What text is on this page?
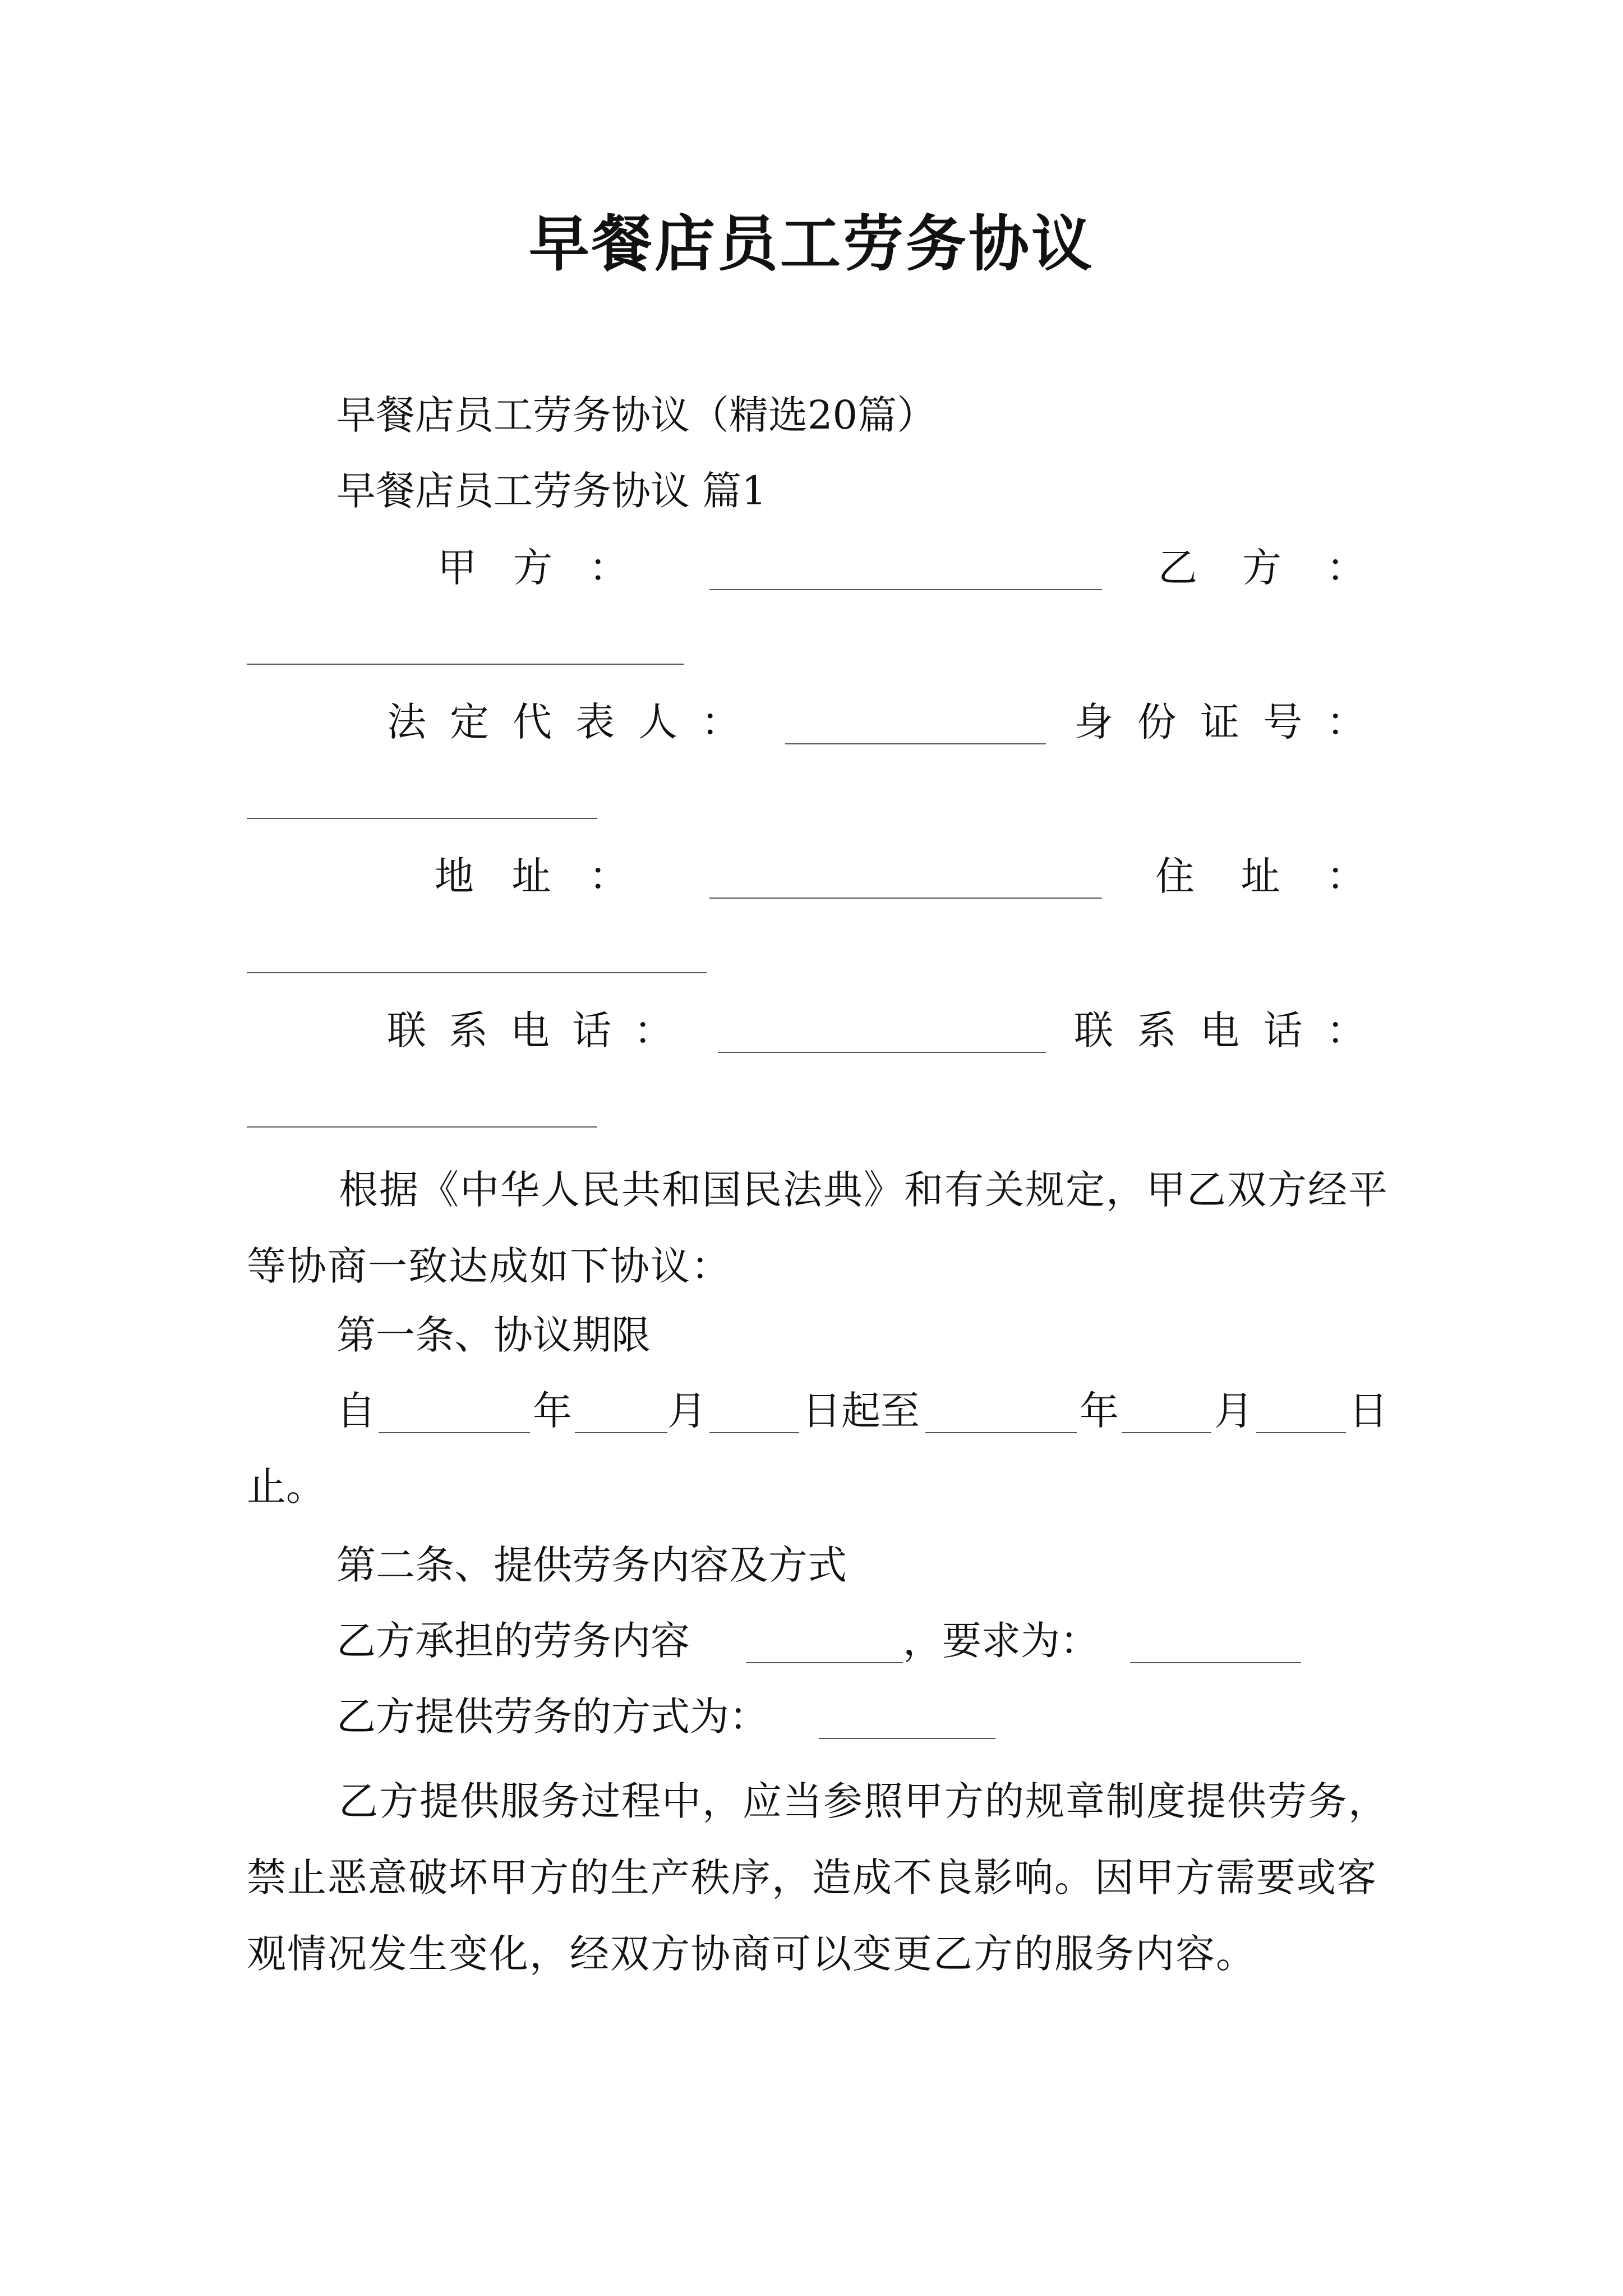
早餐店员工劳务协议
早餐店员工劳务协议（精选20篇）
早餐店员工劳务协议 篇1
甲 方 ：	乙 方 ：
法 定 代 表 人 ：	身 份 证 号 ：
地 址 ：	住 址 ：
联 系 电 话 ：	联 系 电 话 ：
根据《中华人民共和国民法典》和有关规定，甲乙双方经平等协商一致达成如下协议：
第一条、协议期限
自	年 月 日起至	年 月 日
止。
第二条、提供劳务内容及方式
乙方承担的劳务内容	，要求为：
乙方提供劳务的方式为：
乙方提供服务过程中，应当参照甲方的规章制度提供劳务，禁止恶意破坏甲方的生产秩序，造成不良影响。因甲方需要或客观情况发生变化，经双方协商可以变更乙方的服务内容。
